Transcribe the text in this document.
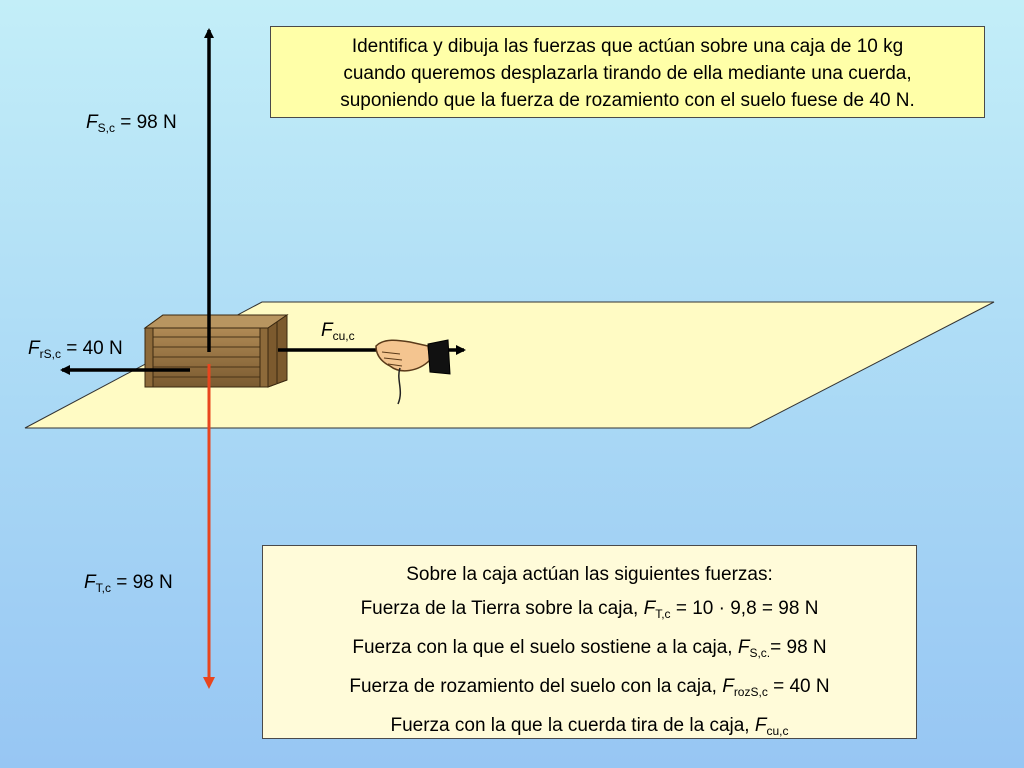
Identifica y dibuja las fuerzas que actúan sobre una caja de 10 kg
cuando queremos desplazarla tirando de ella mediante una cuerda,
suponiendo que la fuerza de rozamiento con el suelo fuese de 40 N.
$F_{S,c} = 98$ N
$F_{rS,c} = 40$ N
$F_{cu,c}$
$F_{T,c} = 98$ N	Sobre la caja actúan las siguientes fuerzas:
Fuerza de la Tierra sobre la caja, $F_{T,c} = 10 \cdot 9,8 = 98$ N
Fuerza con la que el suelo sostiene a la caja, $F_{S,c.}= 98$ N
Fuerza de rozamiento del suelo con la caja, $F_{rozS,c} = 40$ N
Fuerza con la que la cuerda tira de la caja, $F_{cu,c}$
